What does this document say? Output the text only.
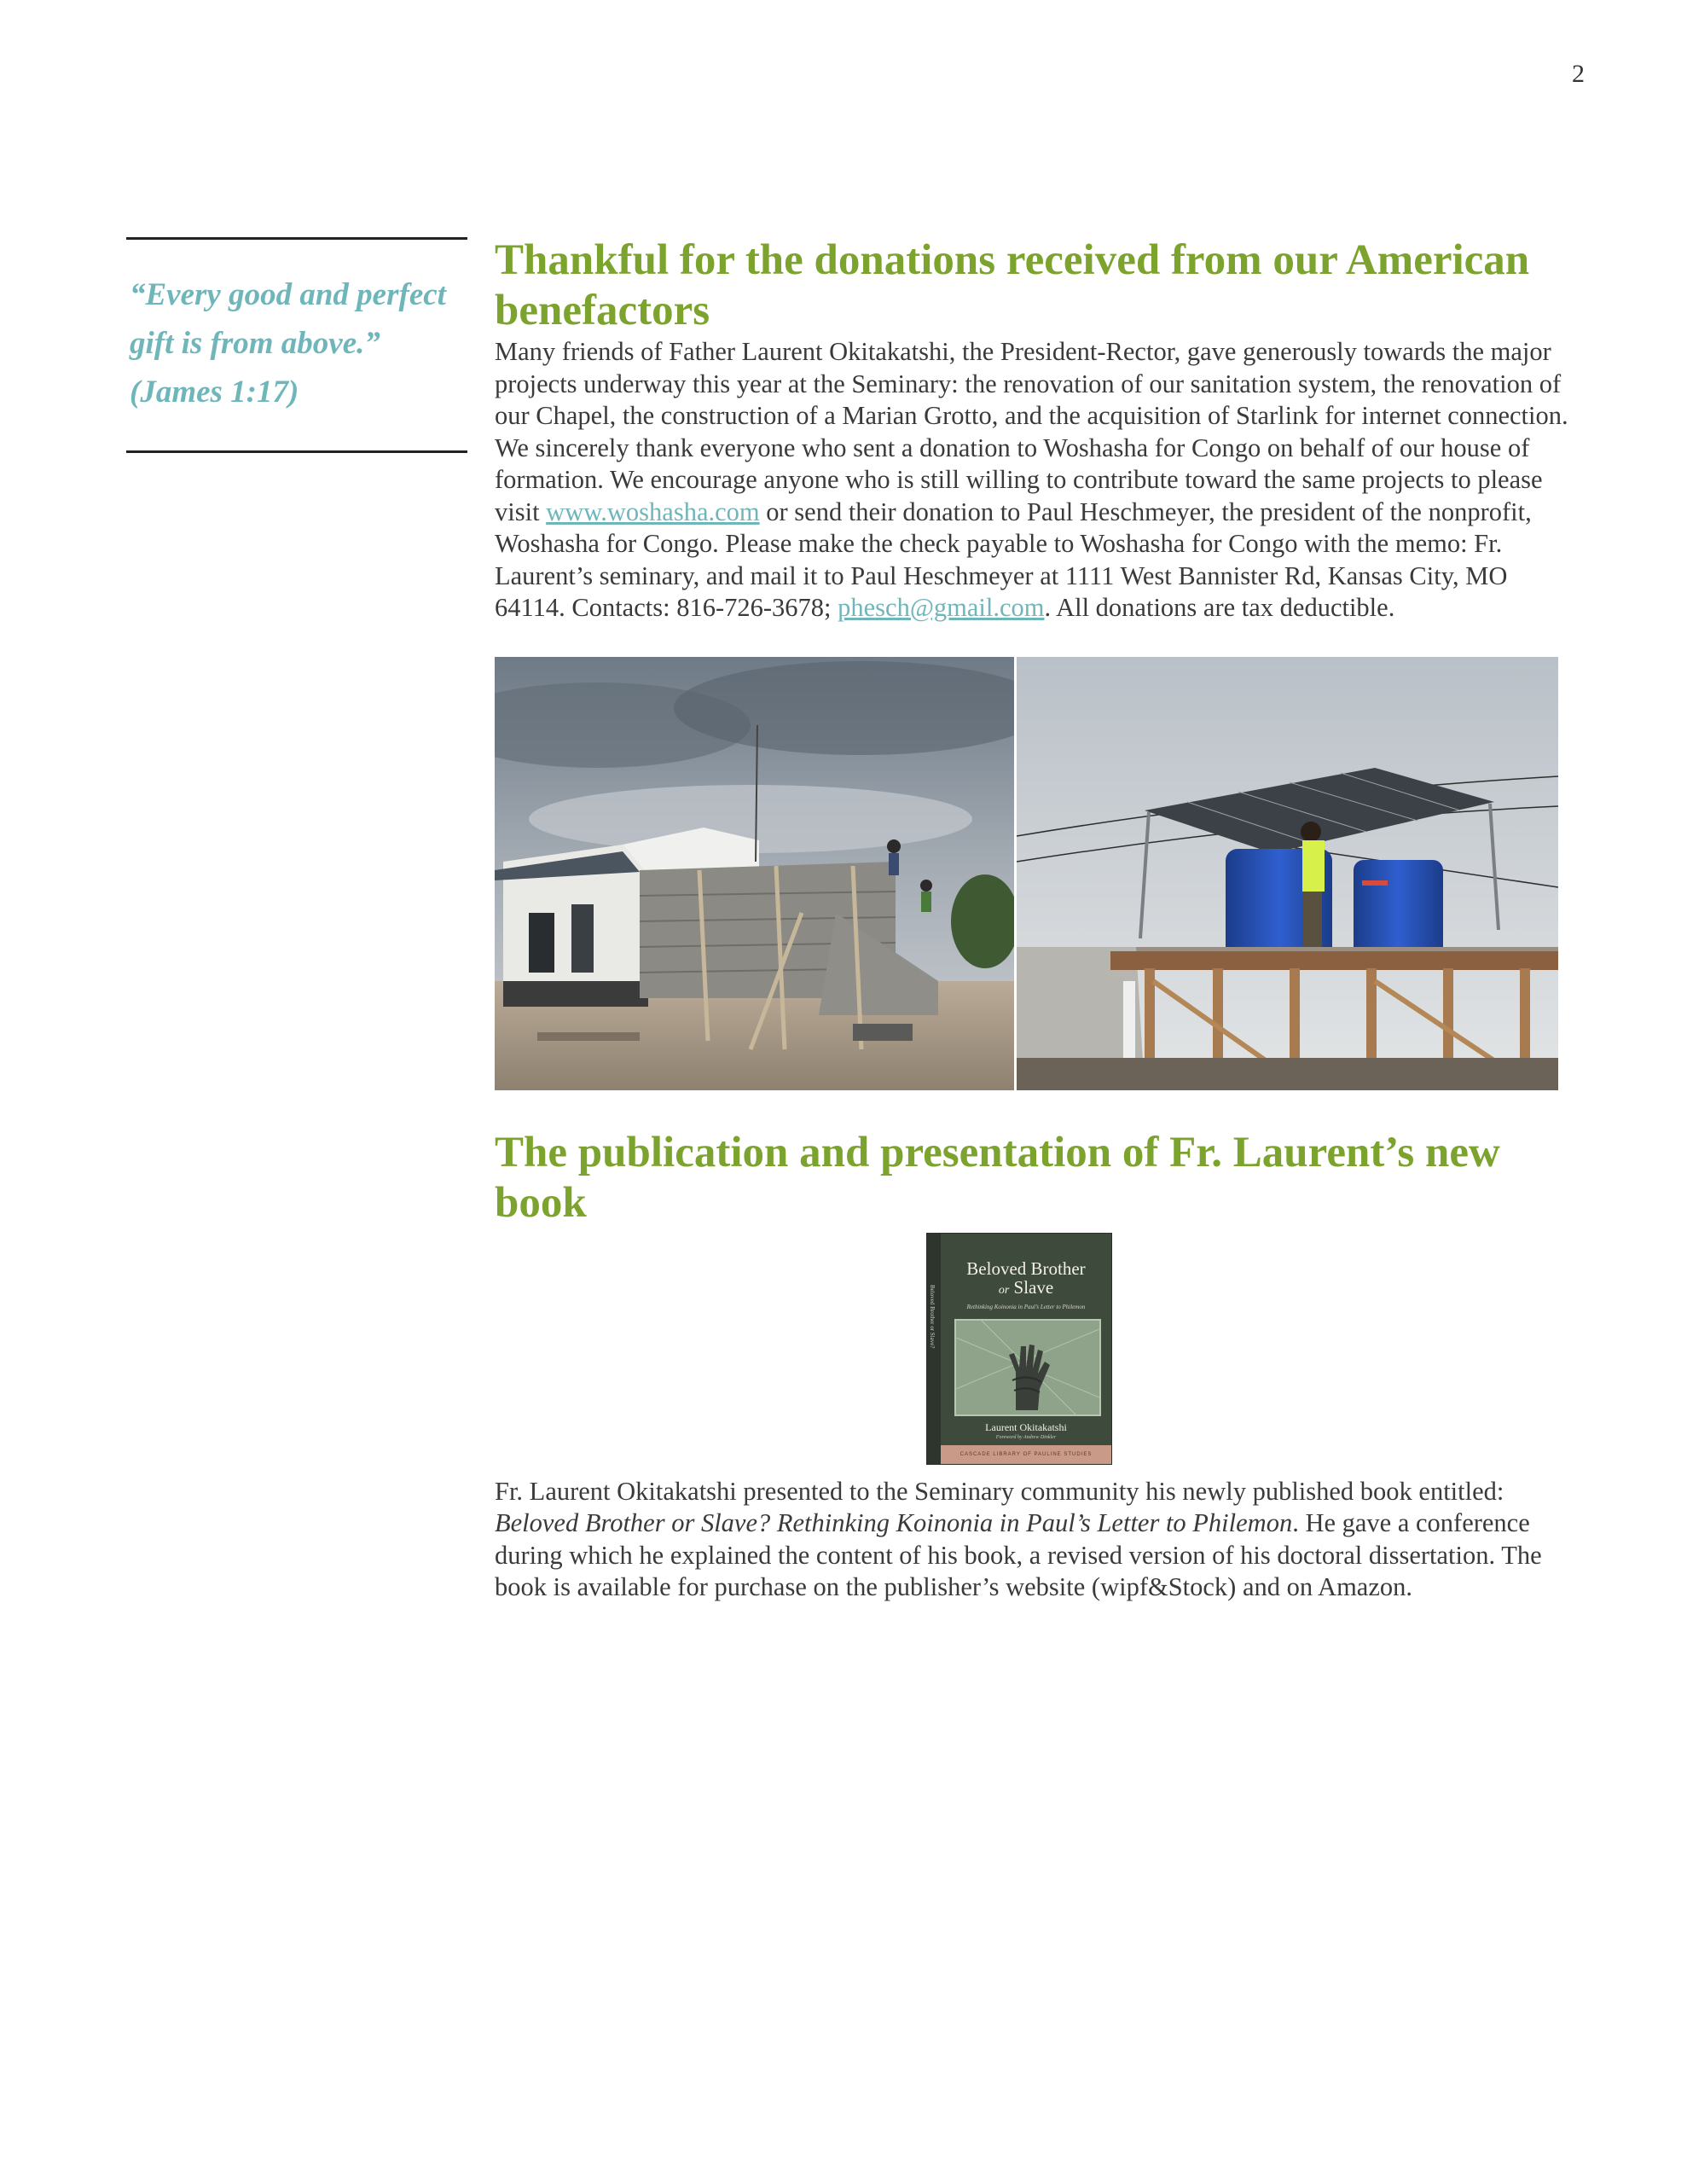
2
“Every good and perfect
gift is from above.”
(James 1:17)
Thankful for the donations received from our American benefactors

Many friends of Father Laurent Okitakatshi, the President-Rector, gave generously towards the major projects underway this year at the Seminary: the renovation of our sanitation system, the renovation of our Chapel, the construction of a Marian Grotto, and the acquisition of Starlink for internet connection. We sincerely thank everyone who sent a donation to Woshasha for Congo on behalf of our house of formation. We encourage anyone who is still willing to contribute toward the same projects to please visit www.woshasha.com or send their donation to Paul Heschmeyer, the president of the nonprofit, Woshasha for Congo. Please make the check payable to Woshasha for Congo with the memo: Fr. Laurent’s seminary, and mail it to Paul Heschmeyer at 1111 West Bannister Rd, Kansas City, MO 64114. Contacts: 816-726-3678; phesch@gmail.com. All donations are tax deductible.

The publication and presentation of Fr. Laurent’s new book
Beloved Brother or Slave?
Beloved Brother
or Slave
Rethinking Koinonia in Paul’s Letter to Philemon
Laurent Okitakatshi
Foreword by Andrew Dinkler
CASCADE LIBRARY OF PAULINE STUDIES

Fr. Laurent Okitakatshi presented to the Seminary community his newly published book entitled: Beloved Brother or Slave? Rethinking Koinonia in Paul’s Letter to Philemon. He gave a conference during which he explained the content of his book, a revised version of his doctoral dissertation. The book is available for purchase on the publisher’s website (wipf&Stock) and on Amazon.
